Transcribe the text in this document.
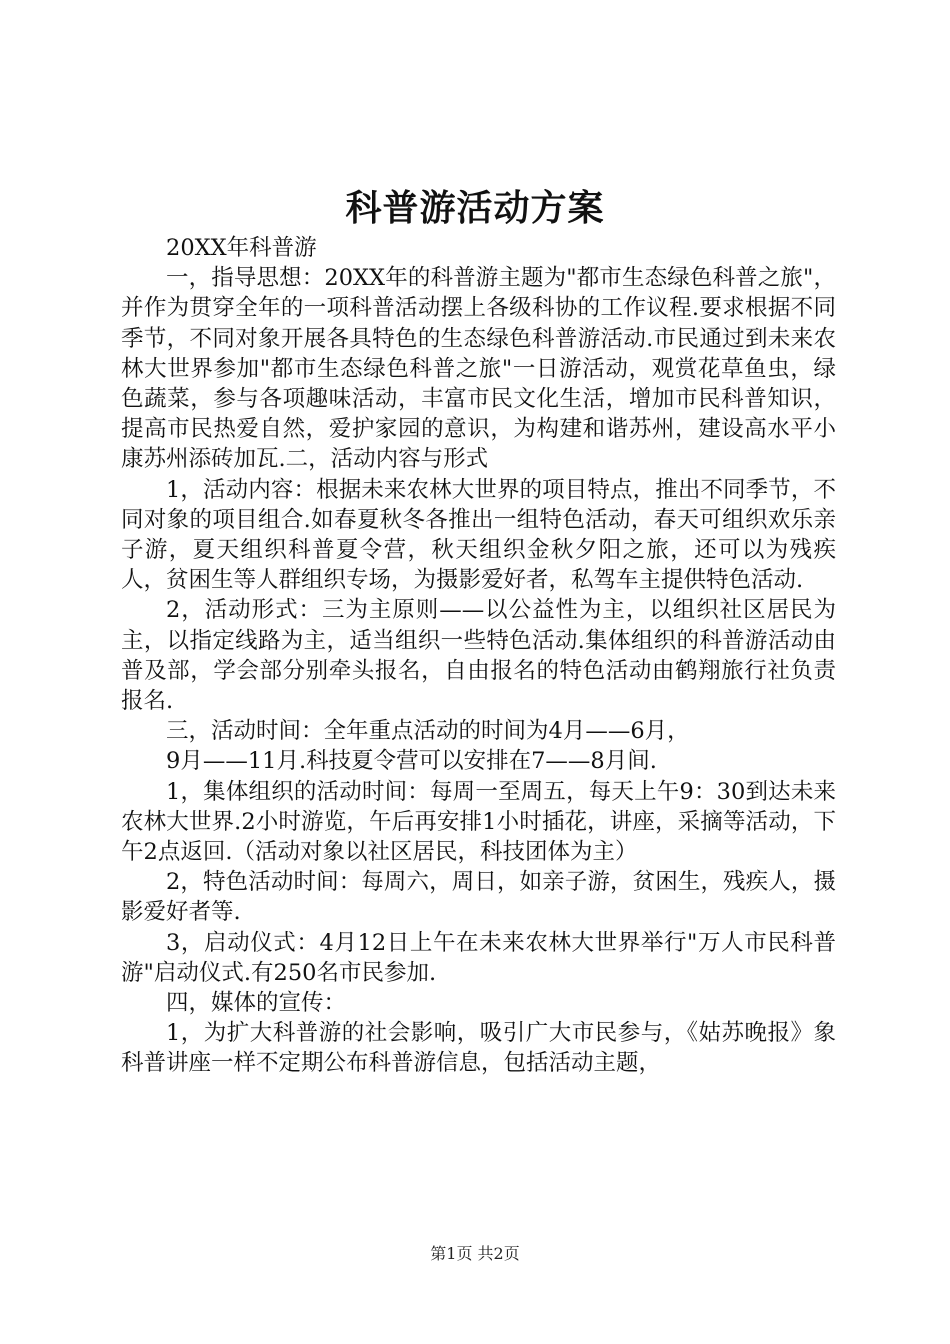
科普游活动方案

20XX年科普游

一，指导思想：20XX年的科普游主题为"都市生态绿色科普之旅"，并作为贯穿全年的一项科普活动摆上各级科协的工作议程.要求根据不同季节，不同对象开展各具特色的生态绿色科普游活动.市民通过到未来农林大世界参加"都市生态绿色科普之旅"一日游活动，观赏花草鱼虫，绿色蔬菜，参与各项趣味活动，丰富市民文化生活，增加市民科普知识，提高市民热爱自然，爱护家园的意识，为构建和谐苏州，建设高水平小康苏州添砖加瓦.二，活动内容与形式

1，活动内容：根据未来农林大世界的项目特点，推出不同季节，不同对象的项目组合.如春夏秋冬各推出一组特色活动，春天可组织欢乐亲子游，夏天组织科普夏令营，秋天组织金秋夕阳之旅，还可以为残疾人，贫困生等人群组织专场，为摄影爱好者，私驾车主提供特色活动.

2，活动形式：三为主原则——以公益性为主，以组织社区居民为主，以指定线路为主，适当组织一些特色活动.集体组织的科普游活动由普及部，学会部分别牵头报名，自由报名的特色活动由鹤翔旅行社负责报名.

三，活动时间：全年重点活动的时间为4月——6月，

9月——11月.科技夏令营可以安排在7——8月间.

1，集体组织的活动时间：每周一至周五，每天上午9：30到达未来农林大世界.2小时游览，午后再安排1小时插花，讲座，采摘等活动，下午2点返回.（活动对象以社区居民，科技团体为主）

2，特色活动时间：每周六，周日，如亲子游，贫困生，残疾人，摄影爱好者等.

3，启动仪式：4月12日上午在未来农林大世界举行"万人市民科普游"启动仪式.有250名市民参加.

四，媒体的宣传：

1，为扩大科普游的社会影响，吸引广大市民参与，《姑苏晚报》象科普讲座一样不定期公布科普游信息，包括活动主题，

第1页 共2页
